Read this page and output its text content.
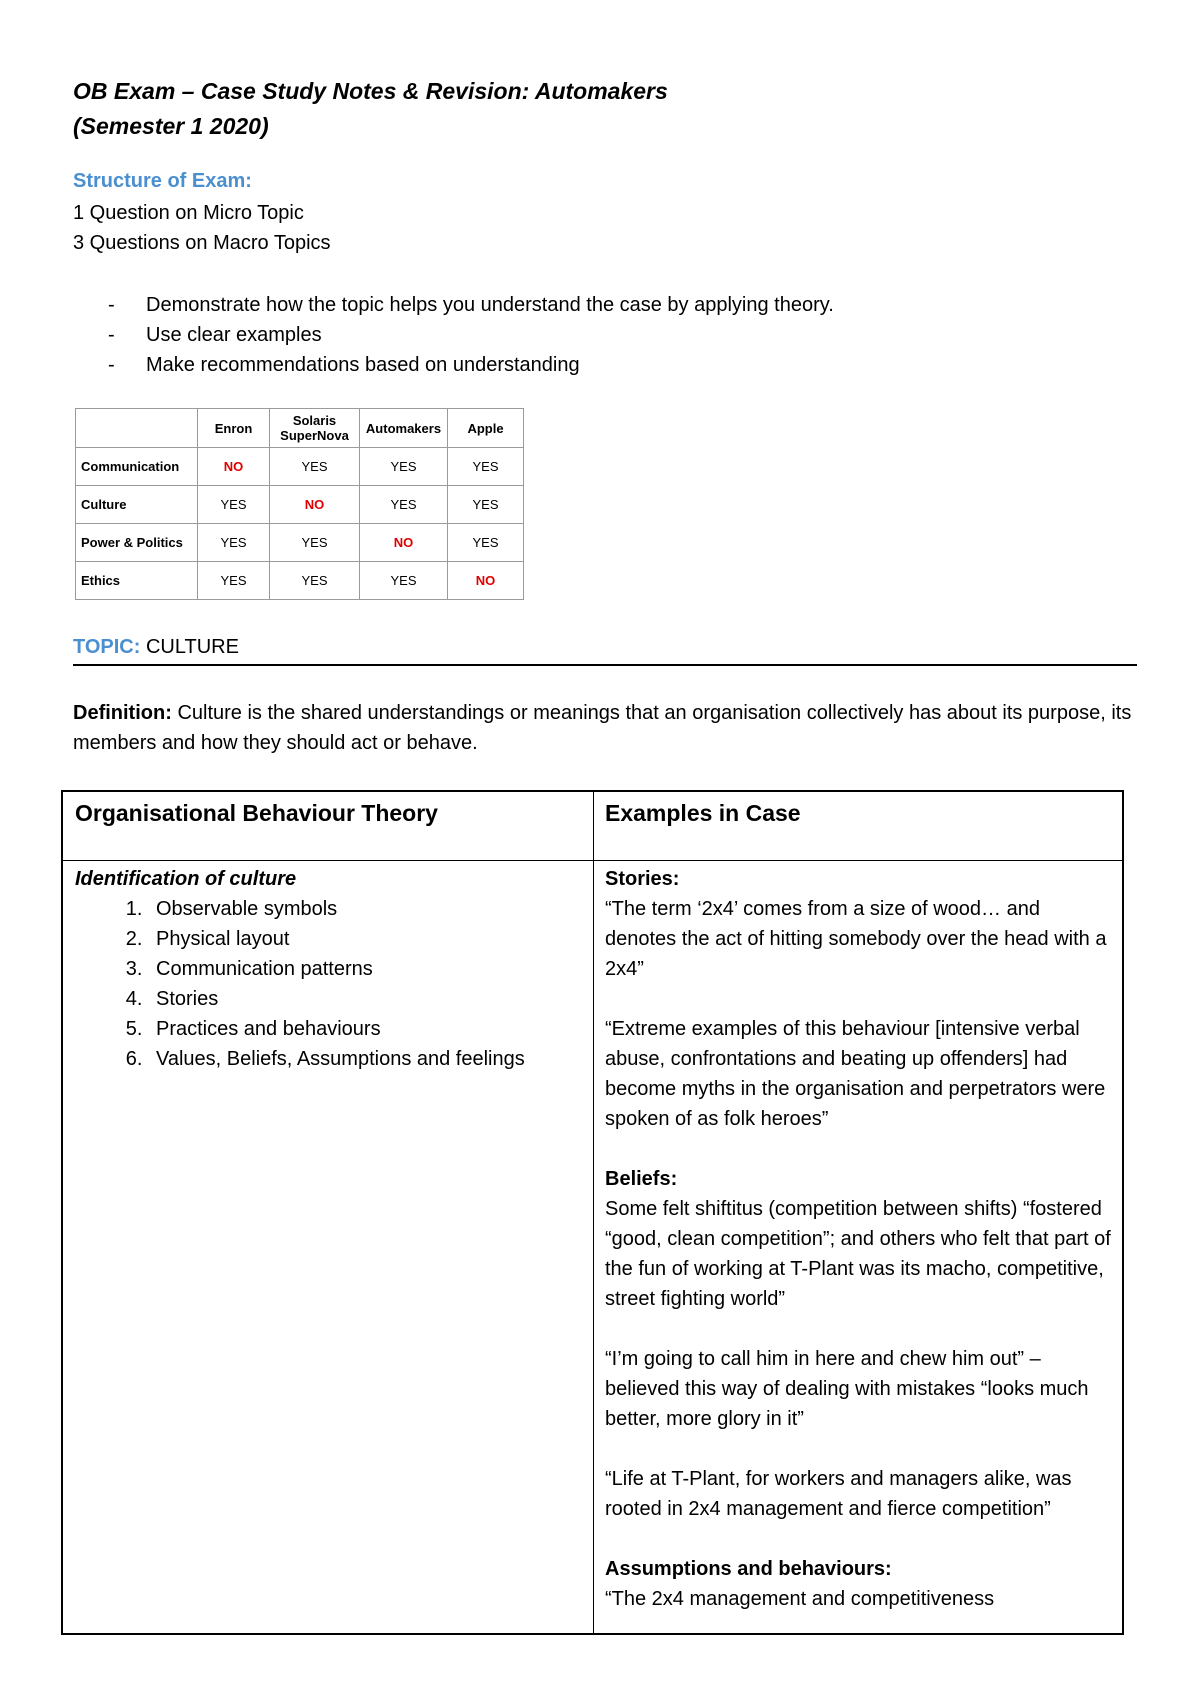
OB Exam – Case Study Notes & Revision: Automakers
(Semester 1 2020)
Structure of Exam:
1 Question on Micro Topic
3 Questions on Macro Topics
- Demonstrate how the topic helps you understand the case by applying theory.
- Use clear examples
- Make recommendations based on understanding
	Enron	Solaris SuperNova	Automakers	Apple
Communication	NO	YES	YES	YES
Culture	YES	NO	YES	YES
Power & Politics	YES	YES	NO	YES
Ethics	YES	YES	YES	NO
TOPIC: CULTURE
Definition: Culture is the shared understandings or meanings that an organisation collectively has about its purpose, its members and how they should act or behave.
Organisational Behaviour Theory	Examples in Case
Identification of culture
1. Observable symbols
2. Physical layout
3. Communication patterns
4. Stories
5. Practices and behaviours
6. Values, Beliefs, Assumptions and feelings

Stories:

“The term ‘2x4’ comes from a size of wood… and denotes the act of hitting somebody over the head with a 2x4”

“Extreme examples of this behaviour [intensive verbal abuse, confrontations and beating up offenders] had become myths in the organisation and perpetrators were spoken of as folk heroes”

Beliefs:

Some felt shiftitus (competition between shifts) “fostered “good, clean competition”; and others who felt that part of the fun of working at T-Plant was its macho, competitive, street fighting world”

“I’m going to call him in here and chew him out” – believed this way of dealing with mistakes “looks much better, more glory in it”

“Life at T-Plant, for workers and managers alike, was rooted in 2x4 management and fierce competition”

Assumptions and behaviours:

“The 2x4 management and competitiveness
